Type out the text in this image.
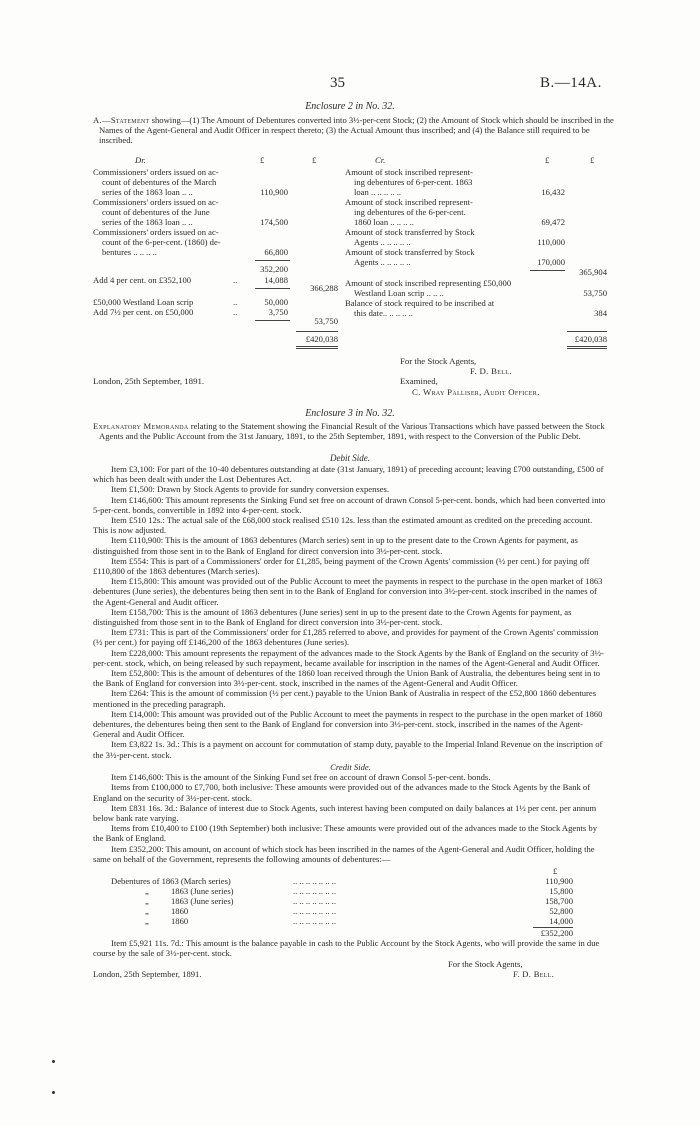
35	B.—14A.
Enclosure 2 in No. 32.
A.—Statement showing—(1) The Amount of Debentures converted into 3½-per-cent Stock; (2) the Amount of Stock which should be inscribed in the Names of the Agent-General and Audit Officer in respect thereto; (3) the Actual Amount thus inscribed; and (4) the Balance still required to be inscribed.
Dr.	£	£	Cr.	£	£
Commissioners' orders issued on ac-
count of debentures of the March
series of the 1863 loan .. ..	110,900
Commissioners' orders issued on ac-
count of debentures of the June
series of the 1863 loan .. ..	174,500
Commissioners' orders issued on ac-
count of the 6-per-cent. (1860) de-
bentures .. .. .. ..	66,800
352,200
Add 4 per cent. on £352,100	..	14,088
366,288
£50,000 Westland Loan scrip	..	50,000
Add 7½ per cent. on £50,000	..	3,750
53,750
£420,038
Amount of stock inscribed represent-
ing debentures of 6-per-cent. 1863
loan .. .. .. .. ..	16,432
Amount of stock inscribed represent-
ing debentures of the 6-per-cent.
1860 loan .. .. .. ..	69,472
Amount of stock transferred by Stock
Agents .. .. .. .. ..	110,000
Amount of stock transferred by Stock
Agents .. .. .. .. ..	170,000
365,904
Amount of stock inscribed representing £50,000
Westland Loan scrip .. .. ..	53,750
Balance of stock required to be inscribed at
this date.. .. .. .. ..	384
£420,038
For the Stock Agents,
F. D. Bell.
London, 25th September, 1891.	Examined,
C. Wray Palliser, Audit Officer.
Enclosure 3 in No. 32.
Explanatory Memoranda relating to the Statement showing the Financial Result of the Various Transactions which have passed between the Stock Agents and the Public Account from the 31st January, 1891, to the 25th September, 1891, with respect to the Conversion of the Public Debt.
Debit Side.
Item £3,100: For part of the 10-40 debentures outstanding at date (31st January, 1891) of preceding account; leaving £700 outstanding, £500 of which has been dealt with under the Lost Debentures Act.
Item £1,500: Drawn by Stock Agents to provide for sundry conversion expenses.
Item £146,600: This amount represents the Sinking Fund set free on account of drawn Consol 5-per-cent. bonds, which had been converted into 5-per-cent. bonds, convertible in 1892 into 4-per-cent. stock.
Item £510 12s.: The actual sale of the £68,000 stock realised £510 12s. less than the estimated amount as credited on the preceding account. This is now adjusted.
Item £110,900: This is the amount of 1863 debentures (March series) sent in up to the present date to the Crown Agents for payment, as distinguished from those sent in to the Bank of England for direct conversion into 3½-per-cent. stock.
Item £554: This is part of a Commissioners' order for £1,285, being payment of the Crown Agents' commission (½ per cent.) for paying off £110,800 of the 1863 debentures (March series).
Item £15,800: This amount was provided out of the Public Account to meet the payments in respect to the purchase in the open market of 1863 debentures (June series), the debentures being then sent in to the Bank of England for conversion into 3½-per-cent. stock inscribed in the names of the Agent-General and Audit officer.
Item £158,700: This is the amount of 1863 debentures (June series) sent in up to the present date to the Crown Agents for payment, as distinguished from those sent in to the Bank of England for direct conversion into 3½-per-cent. stock.
Item £731: This is part of the Commissioners' order for £1,285 referred to above, and provides for payment of the Crown Agents' commission (½ per cent.) for paying off £146,200 of the 1863 debentures (June series).
Item £228,000: This amount represents the repayment of the advances made to the Stock Agents by the Bank of England on the security of 3½-per-cent. stock, which, on being released by such repayment, became available for inscription in the names of the Agent-General and Audit Officer.
Item £52,800: This is the amount of debentures of the 1860 loan received through the Union Bank of Australia, the debentures being sent in to the Bank of England for conversion into 3½-per-cent. stock, inscribed in the names of the Agent-General and Audit Officer.
Item £264: This is the amount of commission (½ per cent.) payable to the Union Bank of Australia in respect of the £52,800 1860 debentures mentioned in the preceding paragraph.
Item £14,000: This amount was provided out of the Public Account to meet the payments in respect to the purchase in the open market of 1860 debentures, the debentures being then sent to the Bank of England for conversion into 3½-per-cent. stock, inscribed in the names of the Agent-General and Audit Officer.
Item £3,822 1s. 3d.: This is a payment on account for commutation of stamp duty, payable to the Imperial Inland Revenue on the inscription of the 3½-per-cent. stock.
Credit Side.
Item £146,600: This is the amount of the Sinking Fund set free on account of drawn Consol 5-per-cent. bonds.
Items from £100,000 to £7,700, both inclusive: These amounts were provided out of the advances made to the Stock Agents by the Bank of England on the security of 3½-per-cent. stock.
Item £831 16s. 3d.: Balance of interest due to Stock Agents, such interest having been computed on daily balances at 1½ per cent. per annum below bank rate varying.
Items from £10,400 to £100 (19th September) both inclusive: These amounts were provided out of the advances made to the Stock Agents by the Bank of England.
Item £352,200: This amount, on account of which stock has been inscribed in the names of the Agent-General and Audit Officer, holding the same on behalf of the Government, represents the following amounts of debentures:—
£
Debentures of 1863 (March series)	.. .. .. .. .. .. ..	110,900
„	1863 (June series)	.. .. .. .. .. .. ..	15,800
„	1863 (June series)	.. .. .. .. .. .. ..	158,700
„	1860	.. .. .. .. .. .. ..	52,800
„	1860	.. .. .. .. .. .. ..	14,000
£352,200
Item £5,921 11s. 7d.: This amount is the balance payable in cash to the Public Account by the Stock Agents, who will provide the same in due course by the sale of 3½-per-cent. stock.
For the Stock Agents,
F. D. Bell.
London, 25th September, 1891.
